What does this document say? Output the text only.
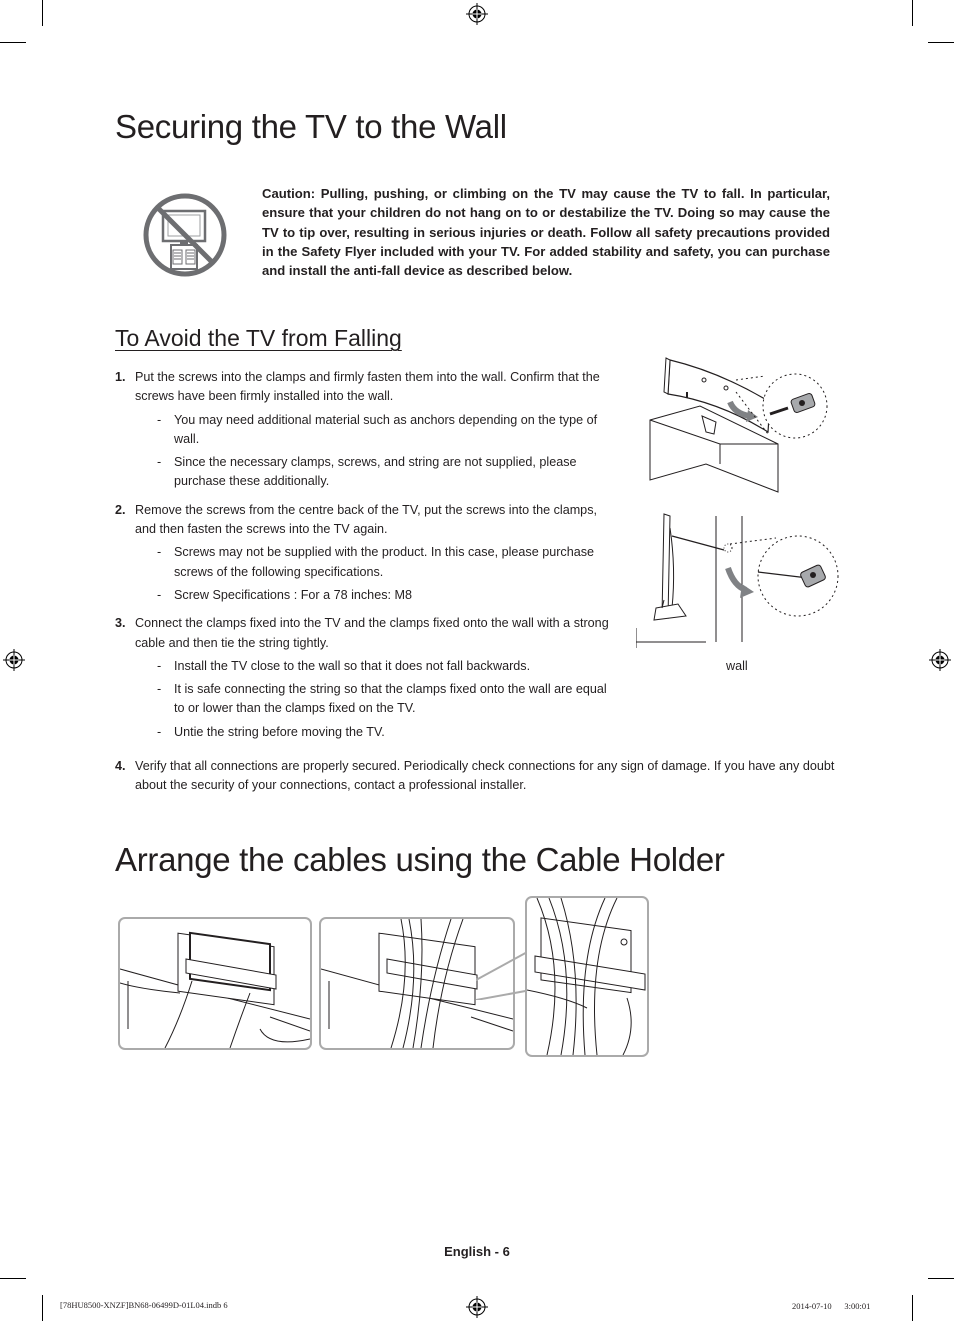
Securing the TV to the Wall

Caution: Pulling, pushing, or climbing on the TV may cause the TV to fall. In particular, ensure that your children do not hang on to or destabilize the TV. Doing so may cause the TV to tip over, resulting in serious injuries or death. Follow all safety precautions provided in the Safety Flyer included with your TV. For added stability and safety, you can purchase and install the anti-fall device as described below.

To Avoid the TV from Falling
1. Put the screws into the clamps and firmly fasten them into the wall. Confirm that the screws have been firmly installed into the wall.
- You may need additional material such as anchors depending on the type of wall.
- Since the necessary clamps, screws, and string are not supplied, please purchase these additionally.
2. Remove the screws from the centre back of the TV, put the screws into the clamps, and then fasten the screws into the TV again.
- Screws may not be supplied with the product. In this case, please purchase screws of the following specifications.
- Screw Specifications : For a 78 inches: M8
3. Connect the clamps fixed into the TV and the clamps fixed onto the wall with a strong cable and then tie the string tightly.
- Install the TV close to the wall so that it does not fall backwards.
- It is safe connecting the string so that the clamps fixed onto the wall are equal to or lower than the clamps fixed on the TV.
- Untie the string before moving the TV.
4. Verify that all connections are properly secured. Periodically check connections for any sign of damage. If you have any doubt about the security of your connections, contact a professional installer.
wall
Arrange the cables using the Cable Holder
English - 6
[78HU8500-XNZF]BN68-06499D-01L04.indb 6	2014-07-10 　 3:00:01
